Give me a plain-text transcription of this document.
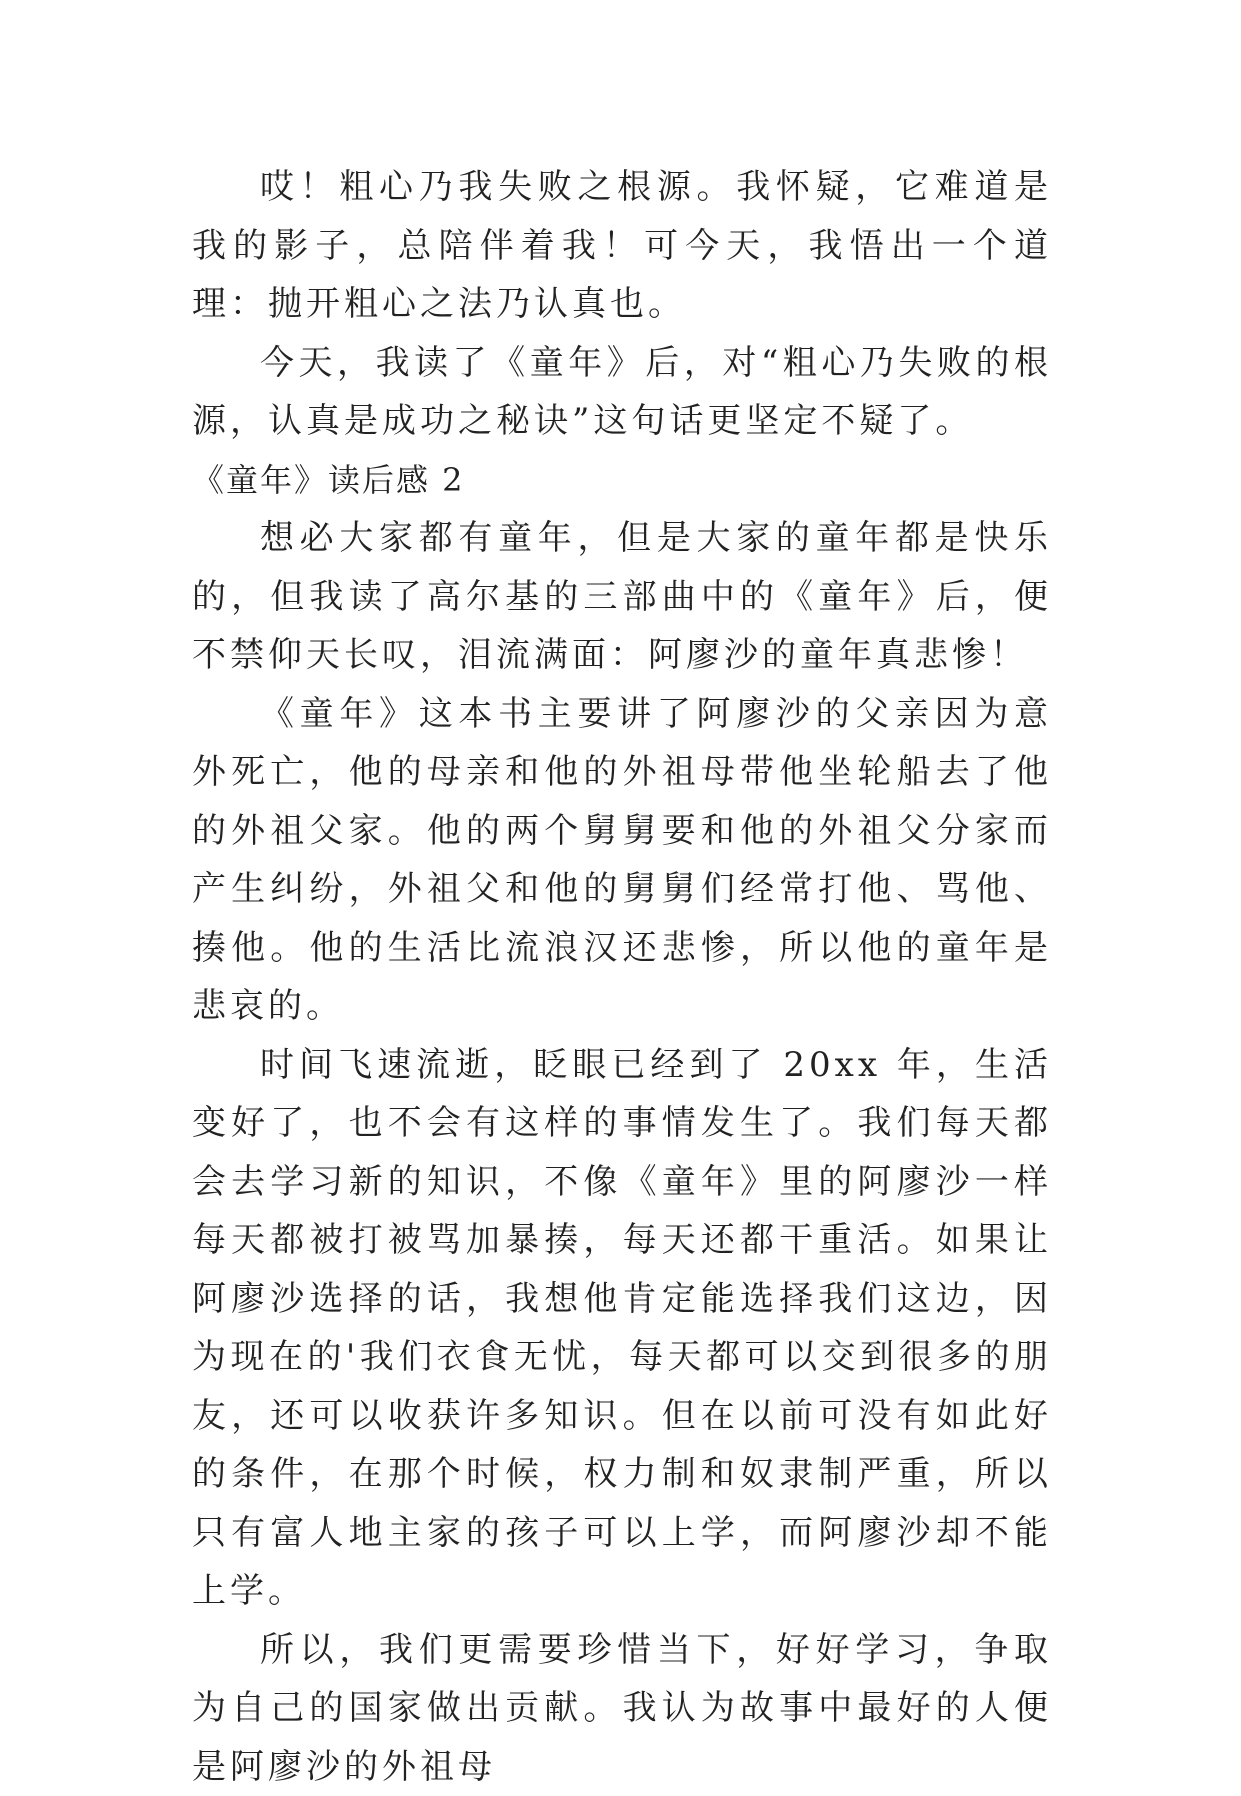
哎！粗心乃我失败之根源。我怀疑，它难道是我的影子，总陪伴着我！可今天，我悟出一个道理：抛开粗心之法乃认真也。

今天，我读了《童年》后，对“粗心乃失败的根源，认真是成功之秘诀”这句话更坚定不疑了。

《童年》读后感 2

想必大家都有童年，但是大家的童年都是快乐的，但我读了高尔基的三部曲中的《童年》后，便不禁仰天长叹，泪流满面：阿廖沙的童年真悲惨！

《童年》这本书主要讲了阿廖沙的父亲因为意外死亡，他的母亲和他的外祖母带他坐轮船去了他的外祖父家。他的两个舅舅要和他的外祖父分家而产生纠纷，外祖父和他的舅舅们经常打他、骂他、揍他。他的生活比流浪汉还悲惨，所以他的童年是悲哀的。

时间飞速流逝，眨眼已经到了 20xx 年，生活变好了，也不会有这样的事情发生了。我们每天都会去学习新的知识，不像《童年》里的阿廖沙一样每天都被打被骂加暴揍，每天还都干重活。如果让阿廖沙选择的话，我想他肯定能选择我们这边，因为现在的'我们衣食无忧，每天都可以交到很多的朋友，还可以收获许多知识。但在以前可没有如此好的条件，在那个时候，权力制和奴隶制严重，所以只有富人地主家的孩子可以上学，而阿廖沙却不能上学。

所以，我们更需要珍惜当下，好好学习，争取为自己的国家做出贡献。我认为故事中最好的人便是阿廖沙的外祖母
